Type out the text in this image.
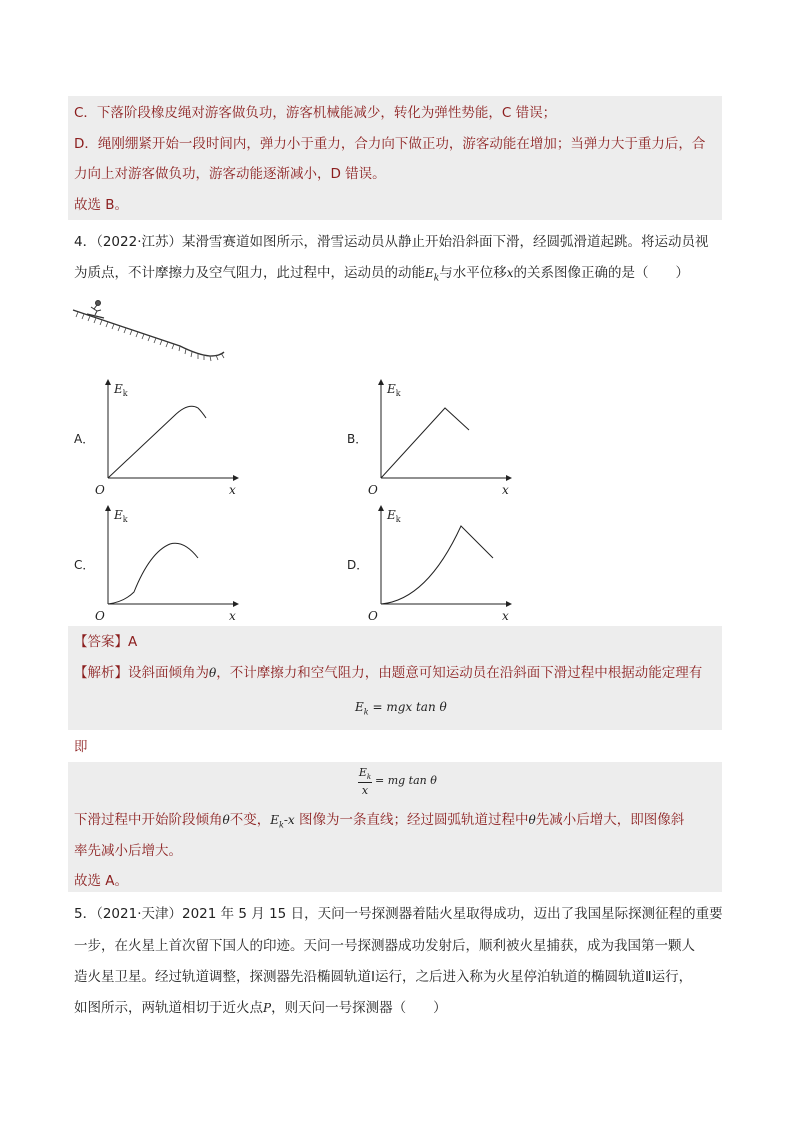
C．下落阶段橡皮绳对游客做负功，游客机械能减少，转化为弹性势能，C 错误；
D．绳刚绷紧开始一段时间内，弹力小于重力，合力向下做正功，游客动能在增加；当弹力大于重力后，合
力向上对游客做负功，游客动能逐渐减小，D 错误。
故选 B。
4．（2022·江苏）某滑雪赛道如图所示，滑雪运动员从静止开始沿斜面下滑，经圆弧滑道起跳。将运动员视
为质点，不计摩擦力及空气阻力，此过程中，运动员的动能$E_k$与水平位移x的关系图像正确的是（　　）
A．
$E_k$
O	x
B．
$E_k$
O	x
C．
$E_k$
O	x
D．
$E_k$
O	x
【答案】A
【解析】设斜面倾角为θ，不计摩擦力和空气阻力，由题意可知运动员在沿斜面下滑过程中根据动能定理有
$E_k$ = mgx tan θ
即
$E_k$
x
= mg tan θ
下滑过程中开始阶段倾角θ不变，$E_k-x$ 图像为一条直线；经过圆弧轨道过程中θ先减小后增大，即图像斜
率先减小后增大。
故选 A。
5．（2021·天津）2021 年 5 月 15 日，天问一号探测器着陆火星取得成功，迈出了我国星际探测征程的重要
一步，在火星上首次留下国人的印迹。天问一号探测器成功发射后，顺利被火星捕获，成为我国第一颗人
造火星卫星。经过轨道调整，探测器先沿椭圆轨道Ⅰ运行，之后进入称为火星停泊轨道的椭圆轨道Ⅱ运行，
如图所示，两轨道相切于近火点P，则天问一号探测器（　　）
